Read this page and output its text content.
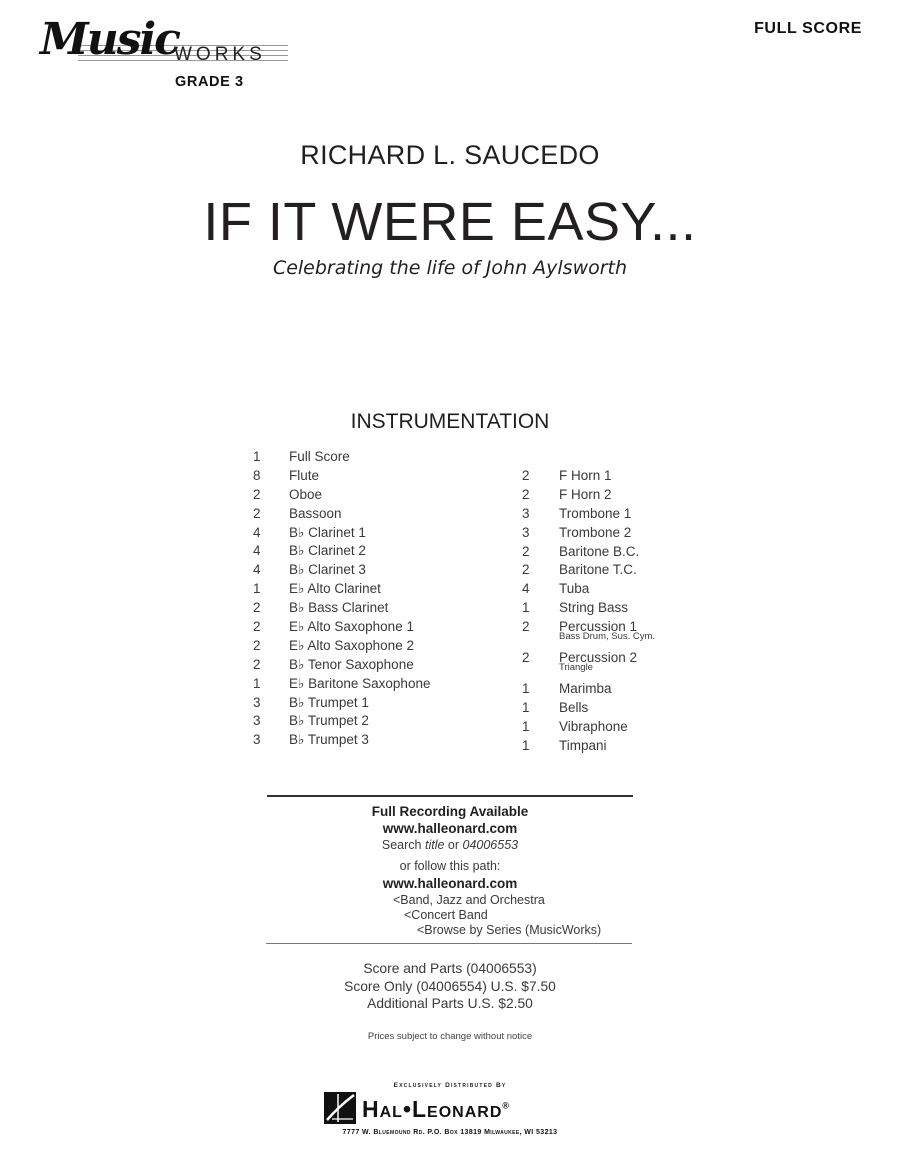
Music
WORKS
GRADE 3
FULL SCORE
RICHARD L. SAUCEDO
IF IT WERE EASY...
Celebrating the life of John Aylsworth
INSTRUMENTATION
1	Full Score
8	Flute
2	Oboe
2	Bassoon
4	B♭ Clarinet 1
4	B♭ Clarinet 2
4	B♭ Clarinet 3
1	E♭ Alto Clarinet
2	B♭ Bass Clarinet
2	E♭ Alto Saxophone 1
2	E♭ Alto Saxophone 2
2	B♭ Tenor Saxophone
1	E♭ Baritone Saxophone
3	B♭ Trumpet 1
3	B♭ Trumpet 2
3	B♭ Trumpet 3
2	F Horn 1
2	F Horn 2
3	Trombone 1
3	Trombone 2
2	Baritone B.C.
2	Baritone T.C.
4	Tuba
1	String Bass
2	Percussion 1
Bass Drum, Sus. Cym.
2	Percussion 2
Triangle
1	Marimba
1	Bells
1	Vibraphone
1	Timpani
Full Recording Available
www.halleonard.com
Search title or 04006553
or follow this path:
www.halleonard.com
<Band, Jazz and Orchestra
<Concert Band
<Browse by Series (MusicWorks)
Score and Parts (04006553)
Score Only (04006554) U.S. $7.50
Additional Parts U.S. $2.50
Prices subject to change without notice
Exclusively Distributed By
Hal•Leonard®
7777 W. Bluemound Rd. P.O. Box 13819 Milwaukee, WI 53213
